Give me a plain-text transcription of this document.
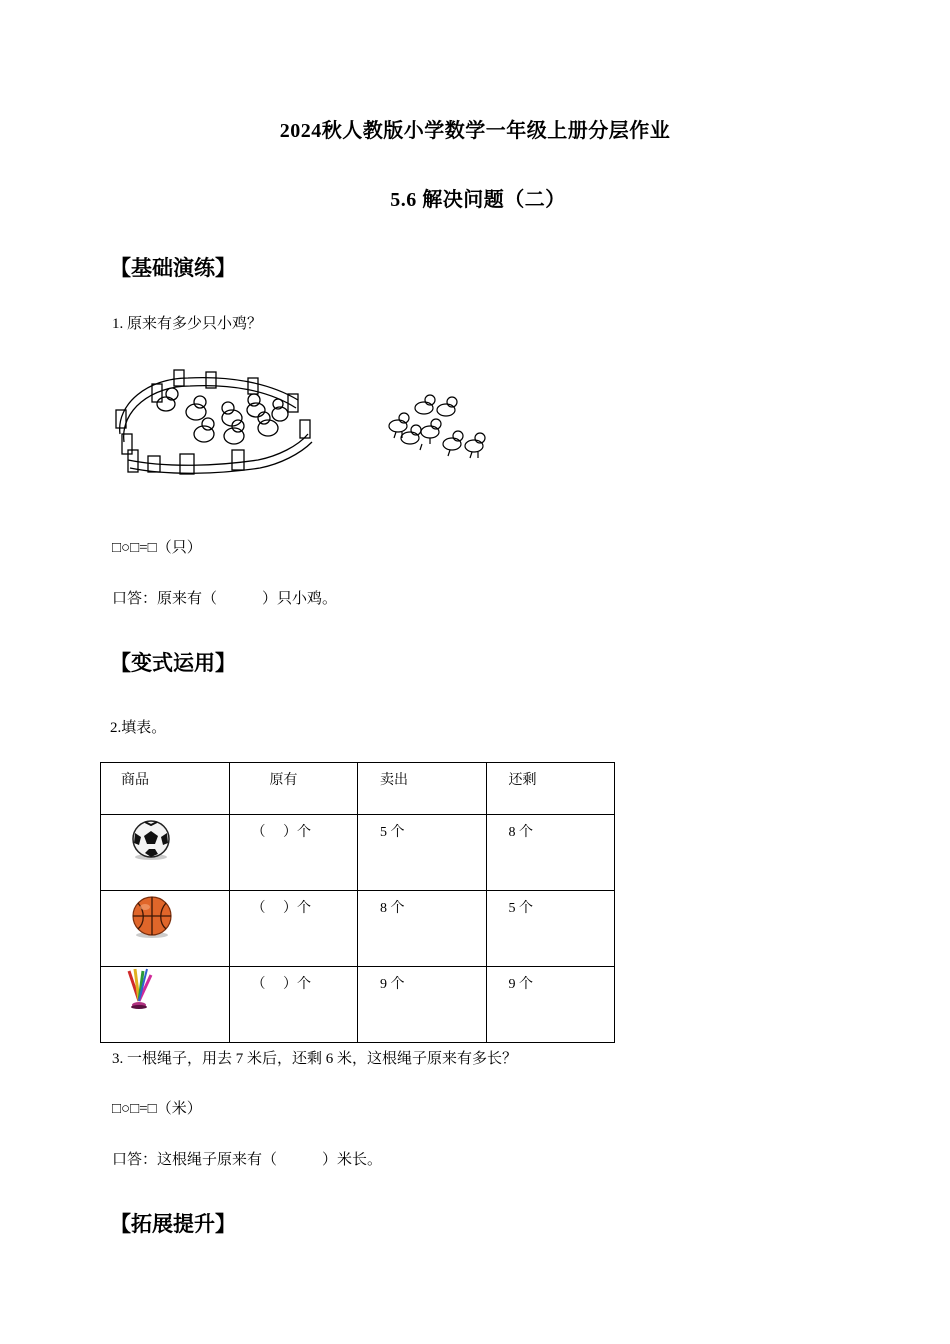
2024秋人教版小学数学一年级上册分层作业
5.6 解决问题（二）
【基础演练】
1. 原来有多少只小鸡？
□○□=□（只）
口答：原来有（　　　）只小鸡。
【变式运用】
2.填表。
商品	原有	卖出	还剩

	（　 ）个	5 个	8 个

	（　 ）个	8 个	5 个

	（　 ）个	9 个	9 个
3. 一根绳子，用去 7 米后，还剩 6 米，这根绳子原来有多长？
□○□=□（米）
口答：这根绳子原来有（　　　）米长。
【拓展提升】
